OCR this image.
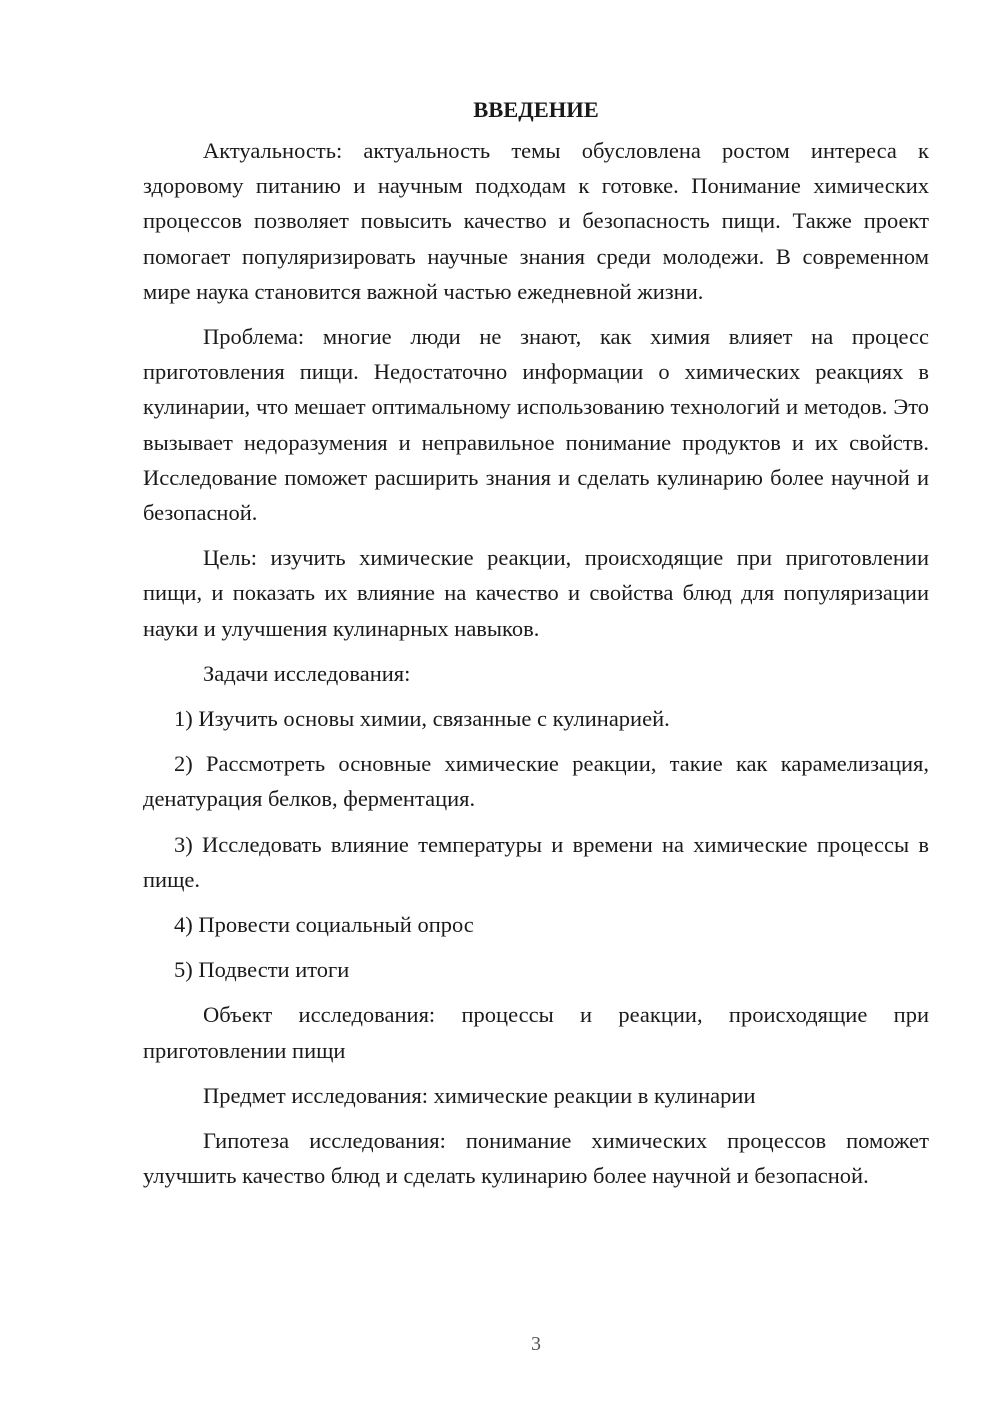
ВВЕДЕНИЕ

Актуальность: актуальность темы обусловлена ростом интереса к здоровому питанию и научным подходам к готовке. Понимание химических процессов позволяет повысить качество и безопасность пищи. Также проект помогает популяризировать научные знания среди молодежи. В современном мире наука становится важной частью ежедневной жизни.

Проблема: многие люди не знают, как химия влияет на процесс приготовления пищи. Недостаточно информации о химических реакциях в кулинарии, что мешает оптимальному использованию технологий и методов. Это вызывает недоразумения и неправильное понимание продуктов и их свойств. Исследование поможет расширить знания и сделать кулинарию более научной и безопасной.

Цель: изучить химические реакции, происходящие при приготовлении пищи, и показать их влияние на качество и свойства блюд для популяризации науки и улучшения кулинарных навыков.

Задачи исследования:

1) Изучить основы химии, связанные с кулинарией.

2) Рассмотреть основные химические реакции, такие как карамелизация, денатурация белков, ферментация.

3) Исследовать влияние температуры и времени на химические процессы в пище.

4) Провести социальный опрос

5) Подвести итоги

Объект исследования: процессы и реакции, происходящие при приготовлении пищи

Предмет исследования: химические реакции в кулинарии

Гипотеза исследования: понимание химических процессов поможет улучшить качество блюд и сделать кулинарию более научной и безопасной.

3
